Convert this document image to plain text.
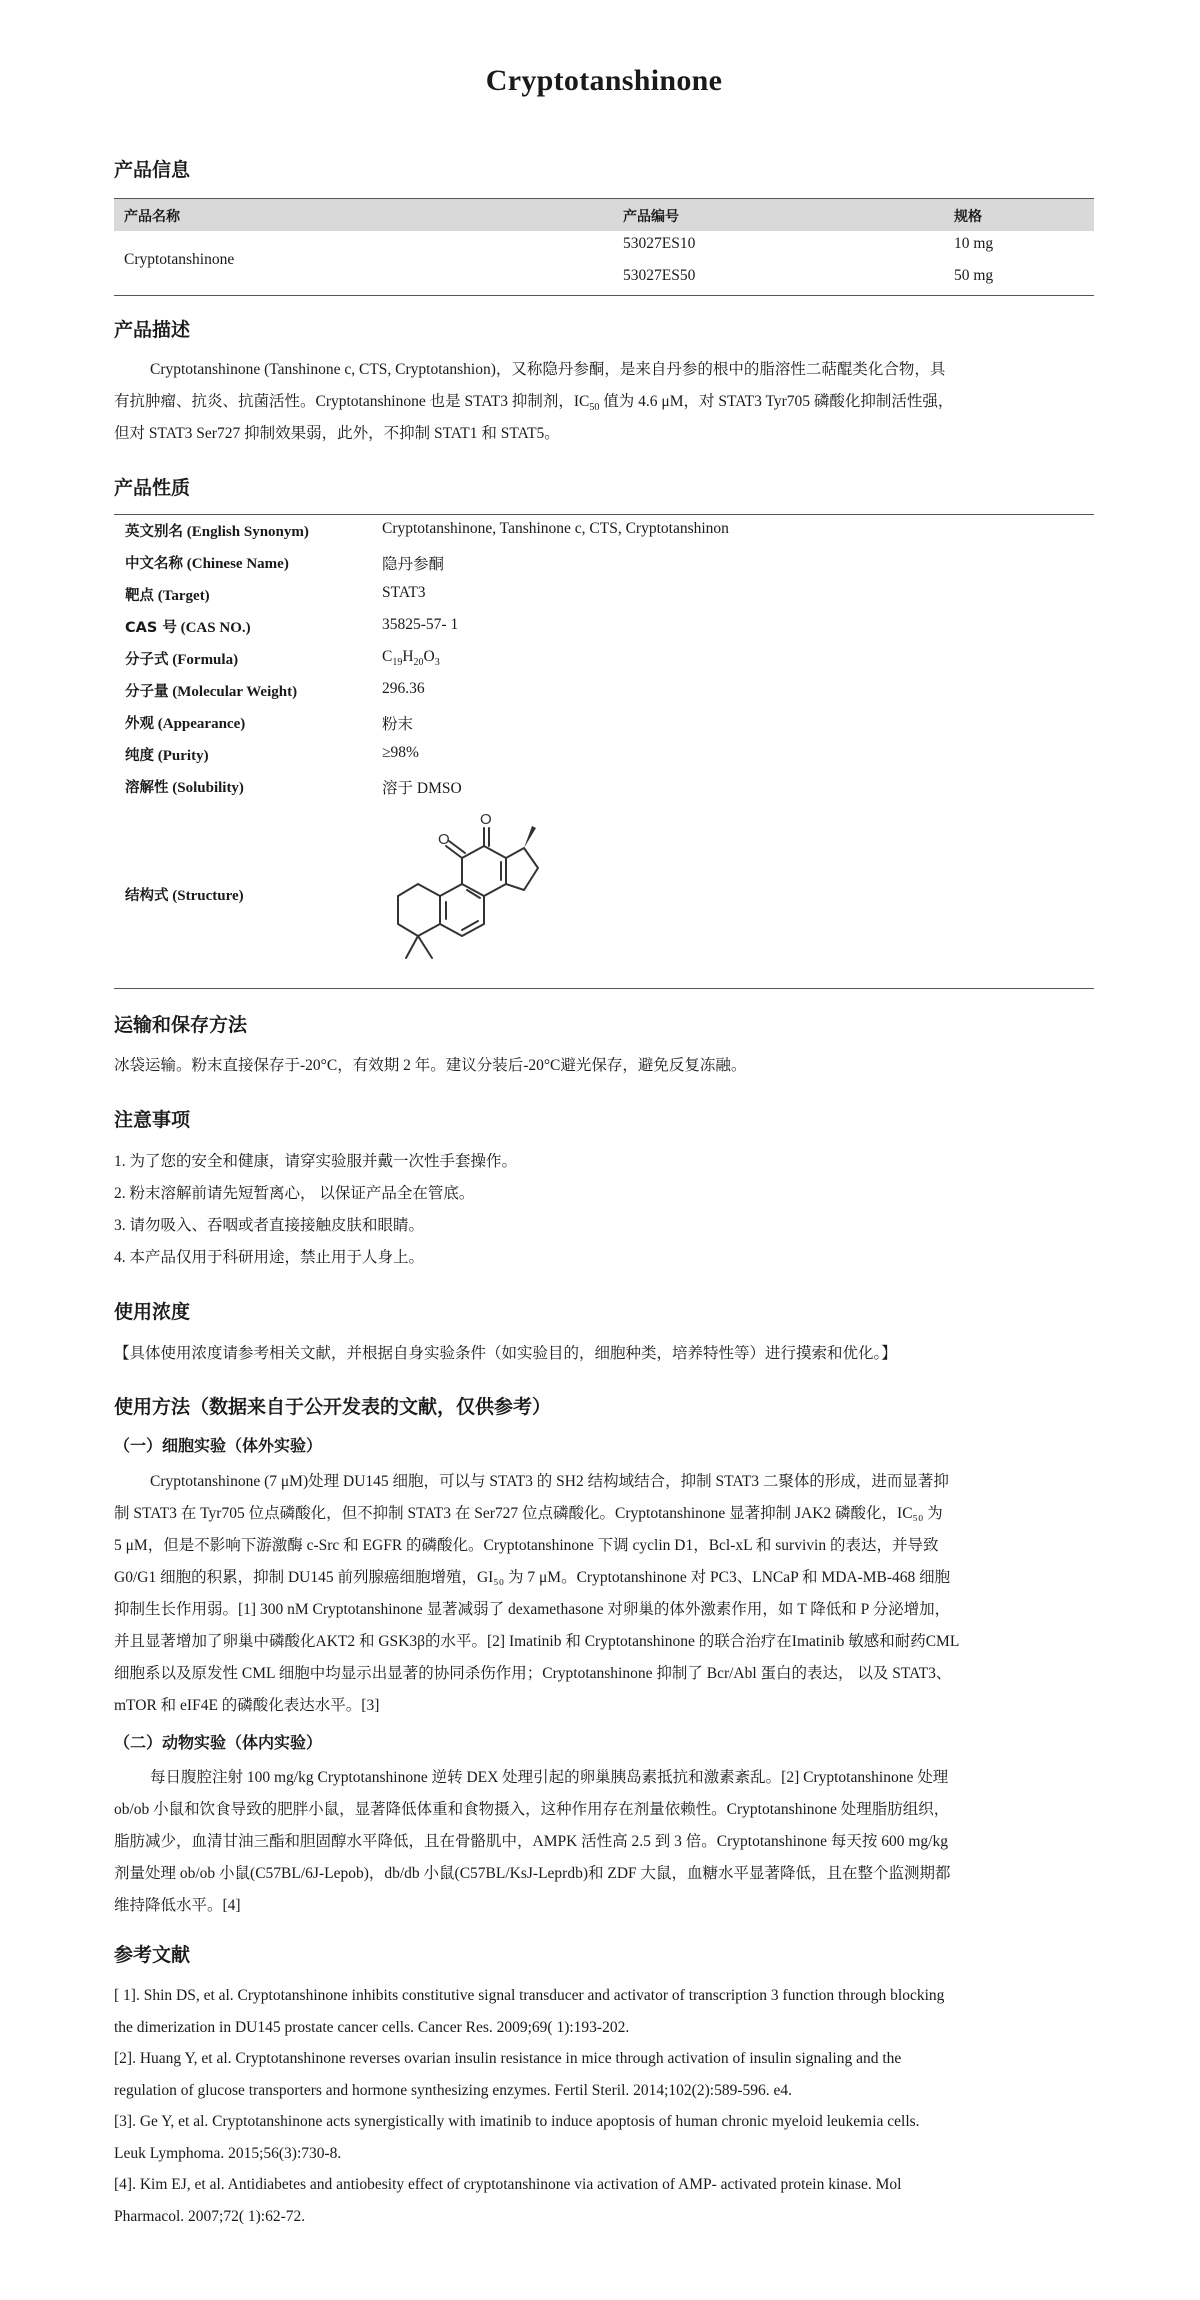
Cryptotanshinone
产品信息
产品名称	产品编号	规格
Cryptotanshinone
53027ES10	10 mg
53027ES50	50 mg
产品描述
Cryptotanshinone (Tanshinone c, CTS, Cryptotanshion)，又称隐丹参酮，是来自丹参的根中的脂溶性二萜醌类化合物，具
有抗肿瘤、抗炎、抗菌活性。Cryptotanshinone 也是 STAT3 抑制剂，$IC_{50}$ 值为 4.6 μM，对 STAT3 Tyr705 磷酸化抑制活性强，
但对 STAT3 Ser727 抑制效果弱，此外，不抑制 STAT1 和 STAT5。
产品性质
英文别名 (English Synonym)	Cryptotanshinone, Tanshinone c, CTS, Cryptotanshinon
中文名称 (Chinese Name)	隐丹参酮
靶点 (Target)	STAT3
CAS 号 (CAS NO.)	35825-57- 1
分子式 (Formula)	$C_{19}H_{20}O_3$
分子量 (Molecular Weight)	296.36
外观 (Appearance)	粉末
纯度 (Purity)	≥98%
溶解性 (Solubility)	溶于 DMSO
结构式 (Structure)
O
O
运输和保存方法
冰袋运输。粉末直接保存于-20°C，有效期 2 年。建议分装后-20°C避光保存，避免反复冻融。
注意事项
1. 为了您的安全和健康，请穿实验服并戴一次性手套操作。
2. 粉末溶解前请先短暂离心， 以保证产品全在管底。
3. 请勿吸入、吞咽或者直接接触皮肤和眼睛。
4. 本产品仅用于科研用途，禁止用于人身上。
使用浓度
【具体使用浓度请参考相关文献，并根据自身实验条件（如实验目的，细胞种类，培养特性等）进行摸索和优化。】
使用方法（数据来自于公开发表的文献，仅供参考）
（一）细胞实验（体外实验）
Cryptotanshinone (7 μM)处理 DU145 细胞，可以与 STAT3 的 SH2 结构域结合，抑制 STAT3 二聚体的形成，进而显著抑
制 STAT3 在 Tyr705 位点磷酸化，但不抑制 STAT3 在 Ser727 位点磷酸化。Cryptotanshinone 显著抑制 JAK2 磷酸化，IC₅₀ 为
5 μM，但是不影响下游激酶 c-Src 和 EGFR 的磷酸化。Cryptotanshinone 下调 cyclin D1，Bcl-xL 和 survivin 的表达，并导致
G0/G1 细胞的积累，抑制 DU145 前列腺癌细胞增殖，GI₅₀ 为 7 μM。Cryptotanshinone 对 PC3、LNCaP 和 MDA-MB-468 细胞
抑制生长作用弱。[1] 300 nM Cryptotanshinone 显著减弱了 dexamethasone 对卵巢的体外激素作用，如 T 降低和 P 分泌增加，
并且显著增加了卵巢中磷酸化AKT2 和 GSK3β的水平。[2] Imatinib 和 Cryptotanshinone 的联合治疗在Imatinib 敏感和耐药CML
细胞系以及原发性 CML 细胞中均显示出显著的协同杀伤作用；Cryptotanshinone 抑制了 Bcr/Abl 蛋白的表达， 以及 STAT3、
mTOR 和 eIF4E 的磷酸化表达水平。[3]
（二）动物实验（体内实验）
每日腹腔注射 100 mg/kg Cryptotanshinone 逆转 DEX 处理引起的卵巢胰岛素抵抗和激素紊乱。[2] Cryptotanshinone 处理
ob/ob 小鼠和饮食导致的肥胖小鼠，显著降低体重和食物摄入，这种作用存在剂量依赖性。Cryptotanshinone 处理脂肪组织，
脂肪减少，血清甘油三酯和胆固醇水平降低，且在骨骼肌中，AMPK 活性高 2.5 到 3 倍。Cryptotanshinone 每天按 600 mg/kg
剂量处理 ob/ob 小鼠(C57BL/6J-Lepob)，db/db 小鼠(C57BL/KsJ-Leprdb)和 ZDF 大鼠，血糖水平显著降低，且在整个监测期都
维持降低水平。[4]
参考文献
[ 1]. Shin DS, et al. Cryptotanshinone inhibits constitutive signal transducer and activator of transcription 3 function through blocking
the dimerization in DU145 prostate cancer cells. Cancer Res. 2009;69( 1):193-202.
[2]. Huang Y, et al. Cryptotanshinone reverses ovarian insulin resistance in mice through activation of insulin signaling and the
regulation of glucose transporters and hormone synthesizing enzymes. Fertil Steril. 2014;102(2):589-596. e4.
[3]. Ge Y, et al. Cryptotanshinone acts synergistically with imatinib to induce apoptosis of human chronic myeloid leukemia cells.
Leuk Lymphoma. 2015;56(3):730-8.
[4]. Kim EJ, et al. Antidiabetes and antiobesity effect of cryptotanshinone via activation of AMP- activated protein kinase. Mol
Pharmacol. 2007;72( 1):62-72.
